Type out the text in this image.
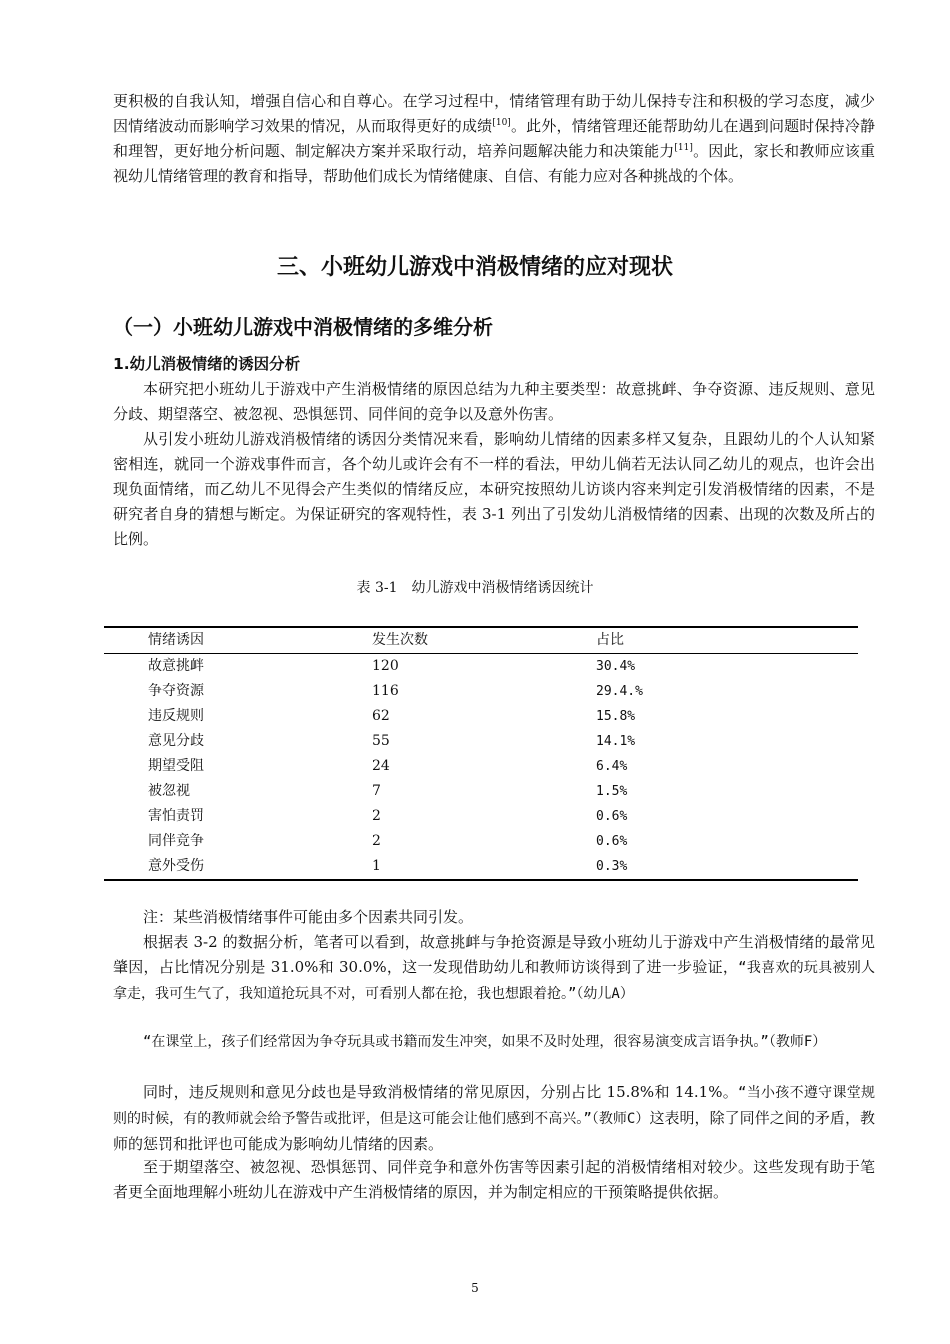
更积极的自我认知，增强自信心和自尊心。在学习过程中，情绪管理有助于幼儿保持专注和积极的学习态度，减少因情绪波动而影响学习效果的情况，从而取得更好的成绩[10]。此外，情绪管理还能帮助幼儿在遇到问题时保持冷静和理智，更好地分析问题、制定解决方案并采取行动，培养问题解决能力和决策能力[11]。因此，家长和教师应该重视幼儿情绪管理的教育和指导，帮助他们成长为情绪健康、自信、有能力应对各种挑战的个体。

三、小班幼儿游戏中消极情绪的应对现状
（一）小班幼儿游戏中消极情绪的多维分析
1.幼儿消极情绪的诱因分析

本研究把小班幼儿于游戏中产生消极情绪的原因总结为九种主要类型：故意挑衅、争夺资源、违反规则、意见分歧、期望落空、被忽视、恐惧惩罚、同伴间的竞争以及意外伤害。

从引发小班幼儿游戏消极情绪的诱因分类情况来看，影响幼儿情绪的因素多样又复杂，且跟幼儿的个人认知紧密相连，就同一个游戏事件而言，各个幼儿或许会有不一样的看法，甲幼儿倘若无法认同乙幼儿的观点，也许会出现负面情绪，而乙幼儿不见得会产生类似的情绪反应，本研究按照幼儿访谈内容来判定引发消极情绪的因素，不是研究者自身的猜想与断定。为保证研究的客观特性，表 3-1 列出了引发幼儿消极情绪的因素、出现的次数及所占的比例。

表 3-1　幼儿游戏中消极情绪诱因统计

情绪诱因	发生次数	占比
故意挑衅	120	30.4%
争夺资源	116	29.4.%
违反规则	62	15.8%
意见分歧	55	14.1%
期望受阻	24	6.4%
被忽视	7	1.5%
害怕责罚	2	0.6%
同伴竞争	2	0.6%
意外受伤	1	0.3%

注：某些消极情绪事件可能由多个因素共同引发。

根据表 3-2 的数据分析，笔者可以看到，故意挑衅与争抢资源是导致小班幼儿于游戏中产生消极情绪的最常见肇因，占比情况分别是 31.0%和 30.0%，这一发现借助幼儿和教师访谈得到了进一步验证，“我喜欢的玩具被别人拿走，我可生气了，我知道抢玩具不对，可看别人都在抢，我也想跟着抢。”（幼儿A）

“在课堂上，孩子们经常因为争夺玩具或书籍而发生冲突，如果不及时处理，很容易演变成言语争执。”（教师F）

同时，违反规则和意见分歧也是导致消极情绪的常见原因，分别占比 15.8%和 14.1%。“当小孩不遵守课堂规则的时候，有的教师就会给予警告或批评，但是这可能会让他们感到不高兴。”（教师C）这表明，除了同伴之间的矛盾，教师的惩罚和批评也可能成为影响幼儿情绪的因素。

至于期望落空、被忽视、恐惧惩罚、同伴竞争和意外伤害等因素引起的消极情绪相对较少。这些发现有助于笔者更全面地理解小班幼儿在游戏中产生消极情绪的原因，并为制定相应的干预策略提供依据。

5
